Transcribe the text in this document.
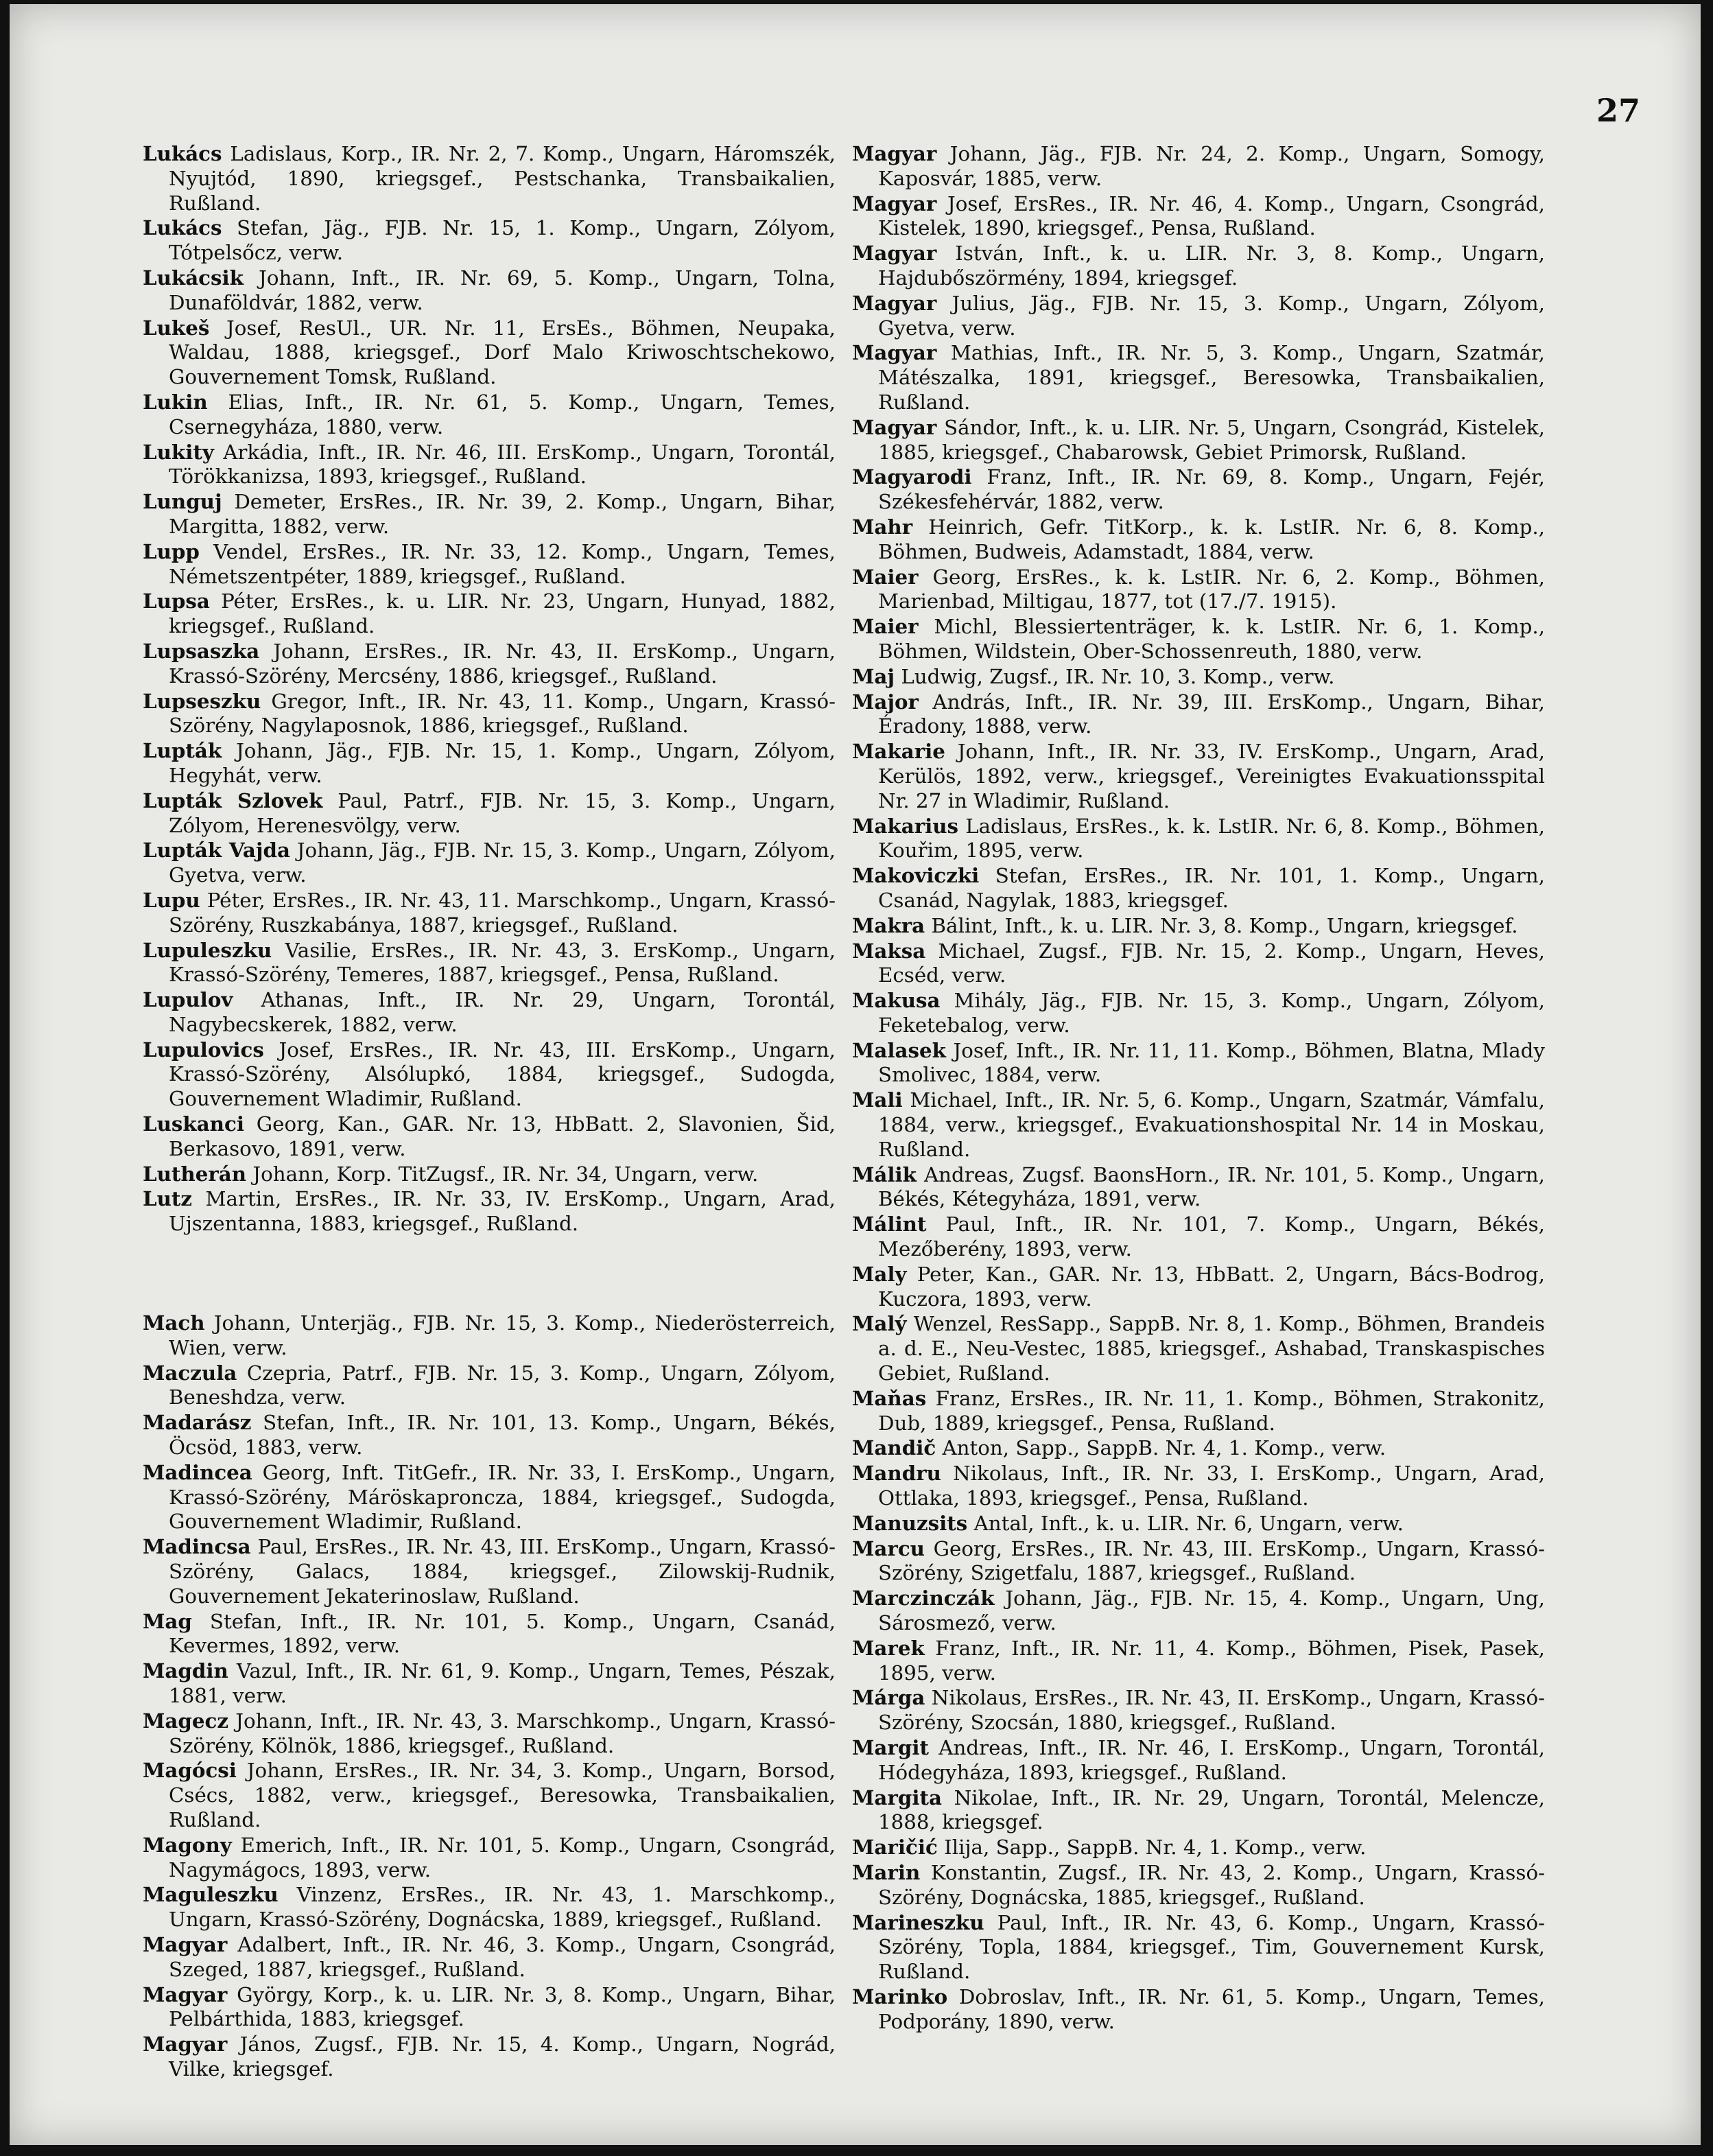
27

Lukács Ladislaus, Korp., IR. Nr. 2, 7. Komp., Ungarn, Háromszék, Nyujtód, 1890, kriegsgef., Pestschanka, Transbaikalien, Rußland.

Lukács Stefan, Jäg., FJB. Nr. 15, 1. Komp., Ungarn, Zólyom, Tótpelsőcz, verw.

Lukácsik Johann, Inft., IR. Nr. 69, 5. Komp., Ungarn, Tolna, Dunaföldvár, 1882, verw.

Lukeš Josef, ResUl., UR. Nr. 11, ErsEs., Böhmen, Neupaka, Waldau, 1888, kriegsgef., Dorf Malo Kriwoschtschekowo, Gouvernement Tomsk, Rußland.

Lukin Elias, Inft., IR. Nr. 61, 5. Komp., Ungarn, Temes, Csernegyháza, 1880, verw.

Lukity Arkádia, Inft., IR. Nr. 46, III. ErsKomp., Ungarn, Torontál, Törökkanizsa, 1893, kriegsgef., Rußland.

Lunguj Demeter, ErsRes., IR. Nr. 39, 2. Komp., Ungarn, Bihar, Margitta, 1882, verw.

Lupp Vendel, ErsRes., IR. Nr. 33, 12. Komp., Ungarn, Temes, Németszentpéter, 1889, kriegsgef., Rußland.

Lupsa Péter, ErsRes., k. u. LIR. Nr. 23, Ungarn, Hunyad, 1882, kriegsgef., Rußland.

Lupsaszka Johann, ErsRes., IR. Nr. 43, II. ErsKomp., Ungarn, Krassó-Szörény, Mercsény, 1886, kriegsgef., Rußland.

Lupseszku Gregor, Inft., IR. Nr. 43, 11. Komp., Ungarn, Krassó-Szörény, Nagylaposnok, 1886, kriegsgef., Rußland.

Lupták Johann, Jäg., FJB. Nr. 15, 1. Komp., Ungarn, Zólyom, Hegyhát, verw.

Lupták Szlovek Paul, Patrf., FJB. Nr. 15, 3. Komp., Ungarn, Zólyom, Herenesvölgy, verw.

Lupták Vajda Johann, Jäg., FJB. Nr. 15, 3. Komp., Ungarn, Zólyom, Gyetva, verw.

Lupu Péter, ErsRes., IR. Nr. 43, 11. Marschkomp., Ungarn, Krassó-Szörény, Ruszkabánya, 1887, kriegsgef., Rußland.

Lupuleszku Vasilie, ErsRes., IR. Nr. 43, 3. ErsKomp., Ungarn, Krassó-Szörény, Temeres, 1887, kriegsgef., Pensa, Rußland.

Lupulov Athanas, Inft., IR. Nr. 29, Ungarn, Torontál, Nagybecskerek, 1882, verw.

Lupulovics Josef, ErsRes., IR. Nr. 43, III. ErsKomp., Ungarn, Krassó-Szörény, Alsólupkó, 1884, kriegsgef., Sudogda, Gouvernement Wladimir, Rußland.

Luskanci Georg, Kan., GAR. Nr. 13, HbBatt. 2, Slavonien, Šid, Berkasovo, 1891, verw.

Lutherán Johann, Korp. TitZugsf., IR. Nr. 34, Ungarn, verw.

Lutz Martin, ErsRes., IR. Nr. 33, IV. ErsKomp., Ungarn, Arad, Ujszentanna, 1883, kriegsgef., Rußland.

Mach Johann, Unterjäg., FJB. Nr. 15, 3. Komp., Niederösterreich, Wien, verw.

Maczula Czepria, Patrf., FJB. Nr. 15, 3. Komp., Ungarn, Zólyom, Beneshdza, verw.

Madarász Stefan, Inft., IR. Nr. 101, 13. Komp., Ungarn, Békés, Öcsöd, 1883, verw.

Madincea Georg, Inft. TitGefr., IR. Nr. 33, I. ErsKomp., Ungarn, Krassó-Szörény, Máröskaproncza, 1884, kriegsgef., Sudogda, Gouvernement Wladimir, Rußland.

Madincsa Paul, ErsRes., IR. Nr. 43, III. ErsKomp., Ungarn, Krassó-Szörény, Galacs, 1884, kriegsgef., Zilowskij-Rudnik, Gouvernement Jekaterinoslaw, Rußland.

Mag Stefan, Inft., IR. Nr. 101, 5. Komp., Ungarn, Csanád, Kevermes, 1892, verw.

Magdin Vazul, Inft., IR. Nr. 61, 9. Komp., Ungarn, Temes, Pészak, 1881, verw.

Magecz Johann, Inft., IR. Nr. 43, 3. Marschkomp., Ungarn, Krassó-Szörény, Kölnök, 1886, kriegsgef., Rußland.

Magócsi Johann, ErsRes., IR. Nr. 34, 3. Komp., Ungarn, Borsod, Csécs, 1882, verw., kriegsgef., Beresowka, Transbaikalien, Rußland.

Magony Emerich, Inft., IR. Nr. 101, 5. Komp., Ungarn, Csongrád, Nagymágocs, 1893, verw.

Maguleszku Vinzenz, ErsRes., IR. Nr. 43, 1. Marschkomp., Ungarn, Krassó-Szörény, Dognácska, 1889, kriegsgef., Rußland.

Magyar Adalbert, Inft., IR. Nr. 46, 3. Komp., Ungarn, Csongrád, Szeged, 1887, kriegsgef., Rußland.

Magyar György, Korp., k. u. LIR. Nr. 3, 8. Komp., Ungarn, Bihar, Pelbárthida, 1883, kriegsgef.

Magyar János, Zugsf., FJB. Nr. 15, 4. Komp., Ungarn, Nográd, Vilke, kriegsgef.

Magyar Johann, Jäg., FJB. Nr. 24, 2. Komp., Ungarn, Somogy, Kaposvár, 1885, verw.

Magyar Josef, ErsRes., IR. Nr. 46, 4. Komp., Ungarn, Csongrád, Kistelek, 1890, kriegsgef., Pensa, Rußland.

Magyar István, Inft., k. u. LIR. Nr. 3, 8. Komp., Ungarn, Hajdubőszörmény, 1894, kriegsgef.

Magyar Julius, Jäg., FJB. Nr. 15, 3. Komp., Ungarn, Zólyom, Gyetva, verw.

Magyar Mathias, Inft., IR. Nr. 5, 3. Komp., Ungarn, Szatmár, Mátészalka, 1891, kriegsgef., Beresowka, Transbaikalien, Rußland.

Magyar Sándor, Inft., k. u. LIR. Nr. 5, Ungarn, Csongrád, Kistelek, 1885, kriegsgef., Chabarowsk, Gebiet Primorsk, Rußland.

Magyarodi Franz, Inft., IR. Nr. 69, 8. Komp., Ungarn, Fejér, Székesfehérvár, 1882, verw.

Mahr Heinrich, Gefr. TitKorp., k. k. LstIR. Nr. 6, 8. Komp., Böhmen, Budweis, Adamstadt, 1884, verw.

Maier Georg, ErsRes., k. k. LstIR. Nr. 6, 2. Komp., Böhmen, Marienbad, Miltigau, 1877, tot (17./7. 1915).

Maier Michl, Blessiertenträger, k. k. LstIR. Nr. 6, 1. Komp., Böhmen, Wildstein, Ober-Schossenreuth, 1880, verw.

Maj Ludwig, Zugsf., IR. Nr. 10, 3. Komp., verw.

Major András, Inft., IR. Nr. 39, III. ErsKomp., Ungarn, Bihar, Éradony, 1888, verw.

Makarie Johann, Inft., IR. Nr. 33, IV. ErsKomp., Ungarn, Arad, Kerülös, 1892, verw., kriegsgef., Vereinigtes Evakuationsspital Nr. 27 in Wladimir, Rußland.

Makarius Ladislaus, ErsRes., k. k. LstIR. Nr. 6, 8. Komp., Böhmen, Kouřim, 1895, verw.

Makoviczki Stefan, ErsRes., IR. Nr. 101, 1. Komp., Ungarn, Csanád, Nagylak, 1883, kriegsgef.

Makra Bálint, Inft., k. u. LIR. Nr. 3, 8. Komp., Ungarn, kriegsgef.

Maksa Michael, Zugsf., FJB. Nr. 15, 2. Komp., Ungarn, Heves, Ecséd, verw.

Makusa Mihály, Jäg., FJB. Nr. 15, 3. Komp., Ungarn, Zólyom, Feketebalog, verw.

Malasek Josef, Inft., IR. Nr. 11, 11. Komp., Böhmen, Blatna, Mlady Smolivec, 1884, verw.

Mali Michael, Inft., IR. Nr. 5, 6. Komp., Ungarn, Szatmár, Vámfalu, 1884, verw., kriegsgef., Evakuationshospital Nr. 14 in Moskau, Rußland.

Málik Andreas, Zugsf. BaonsHorn., IR. Nr. 101, 5. Komp., Ungarn, Békés, Kétegyháza, 1891, verw.

Málint Paul, Inft., IR. Nr. 101, 7. Komp., Ungarn, Békés, Mezőberény, 1893, verw.

Maly Peter, Kan., GAR. Nr. 13, HbBatt. 2, Ungarn, Bács-Bodrog, Kuczora, 1893, verw.

Malý Wenzel, ResSapp., SappB. Nr. 8, 1. Komp., Böhmen, Brandeis a. d. E., Neu-Vestec, 1885, kriegsgef., Ashabad, Transkaspisches Gebiet, Rußland.

Maňas Franz, ErsRes., IR. Nr. 11, 1. Komp., Böhmen, Strakonitz, Dub, 1889, kriegsgef., Pensa, Rußland.

Mandič Anton, Sapp., SappB. Nr. 4, 1. Komp., verw.

Mandru Nikolaus, Inft., IR. Nr. 33, I. ErsKomp., Ungarn, Arad, Ottlaka, 1893, kriegsgef., Pensa, Rußland.

Manuzsits Antal, Inft., k. u. LIR. Nr. 6, Ungarn, verw.

Marcu Georg, ErsRes., IR. Nr. 43, III. ErsKomp., Ungarn, Krassó-Szörény, Szigetfalu, 1887, kriegsgef., Rußland.

Marczinczák Johann, Jäg., FJB. Nr. 15, 4. Komp., Ungarn, Ung, Sárosmező, verw.

Marek Franz, Inft., IR. Nr. 11, 4. Komp., Böhmen, Pisek, Pasek, 1895, verw.

Márga Nikolaus, ErsRes., IR. Nr. 43, II. ErsKomp., Ungarn, Krassó-Szörény, Szocsán, 1880, kriegsgef., Rußland.

Margit Andreas, Inft., IR. Nr. 46, I. ErsKomp., Ungarn, Torontál, Hódegyháza, 1893, kriegsgef., Rußland.

Margita Nikolae, Inft., IR. Nr. 29, Ungarn, Torontál, Melencze, 1888, kriegsgef.

Maričić Ilija, Sapp., SappB. Nr. 4, 1. Komp., verw.

Marin Konstantin, Zugsf., IR. Nr. 43, 2. Komp., Ungarn, Krassó-Szörény, Dognácska, 1885, kriegsgef., Rußland.

Marineszku Paul, Inft., IR. Nr. 43, 6. Komp., Ungarn, Krassó-Szörény, Topla, 1884, kriegsgef., Tim, Gouvernement Kursk, Rußland.

Marinko Dobroslav, Inft., IR. Nr. 61, 5. Komp., Ungarn, Temes, Podporány, 1890, verw.
